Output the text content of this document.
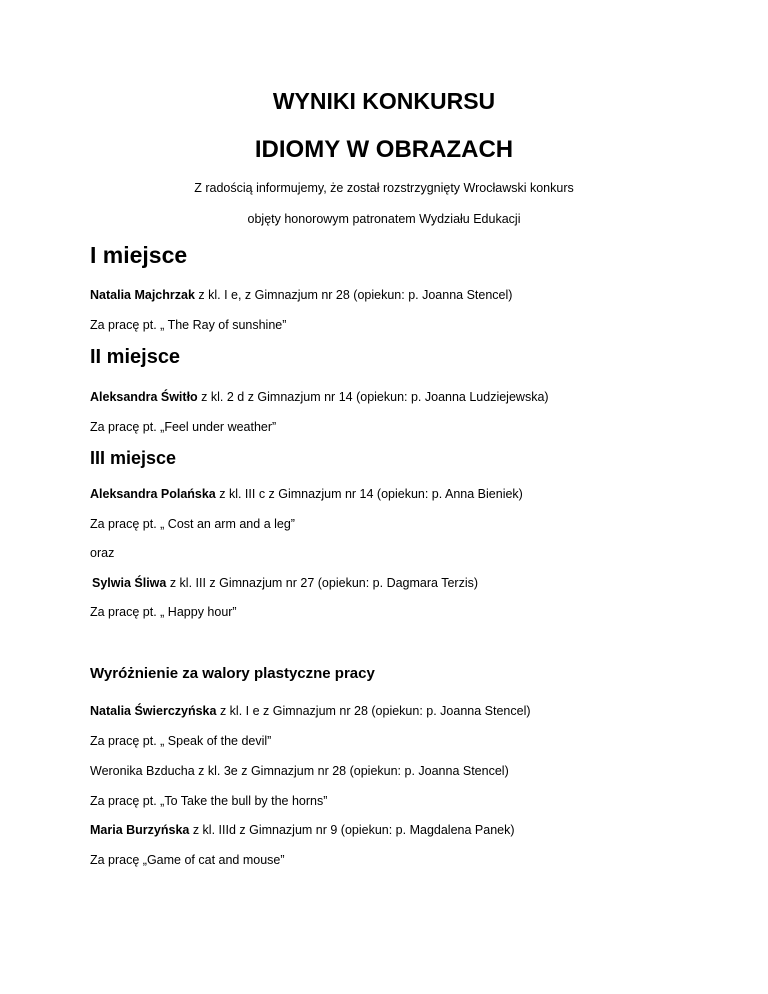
WYNIKI KONKURSU
IDIOMY W OBRAZACH
Z radością informujemy, że został rozstrzygnięty Wrocławski konkurs
objęty honorowym patronatem Wydziału Edukacji
I miejsce
Natalia Majchrzak z kl. I e, z Gimnazjum nr 28 (opiekun: p. Joanna Stencel)
Za pracę pt. „ The Ray of sunshine”
II miejsce
Aleksandra Świtło z kl. 2 d z Gimnazjum nr 14 (opiekun: p. Joanna Ludziejewska)
Za pracę pt. „Feel under weather”
III miejsce
Aleksandra Polańska z kl. III c z Gimnazjum nr 14 (opiekun: p. Anna Bieniek)
Za pracę pt. „ Cost an arm and a leg”
oraz
Sylwia Śliwa z kl. III z Gimnazjum nr 27 (opiekun: p. Dagmara Terzis)
Za pracę pt. „ Happy hour”
Wyróżnienie za walory plastyczne pracy
Natalia Świerczyńska z kl. I e z Gimnazjum nr 28 (opiekun: p. Joanna Stencel)
Za pracę pt. „ Speak of the devil”
Weronika Bzducha z kl. 3e z Gimnazjum nr 28 (opiekun: p. Joanna Stencel)
Za pracę pt. „To Take the bull by the horns”
Maria Burzyńska z kl. IIId z Gimnazjum nr 9 (opiekun: p. Magdalena Panek)
Za pracę „Game of cat and mouse”
